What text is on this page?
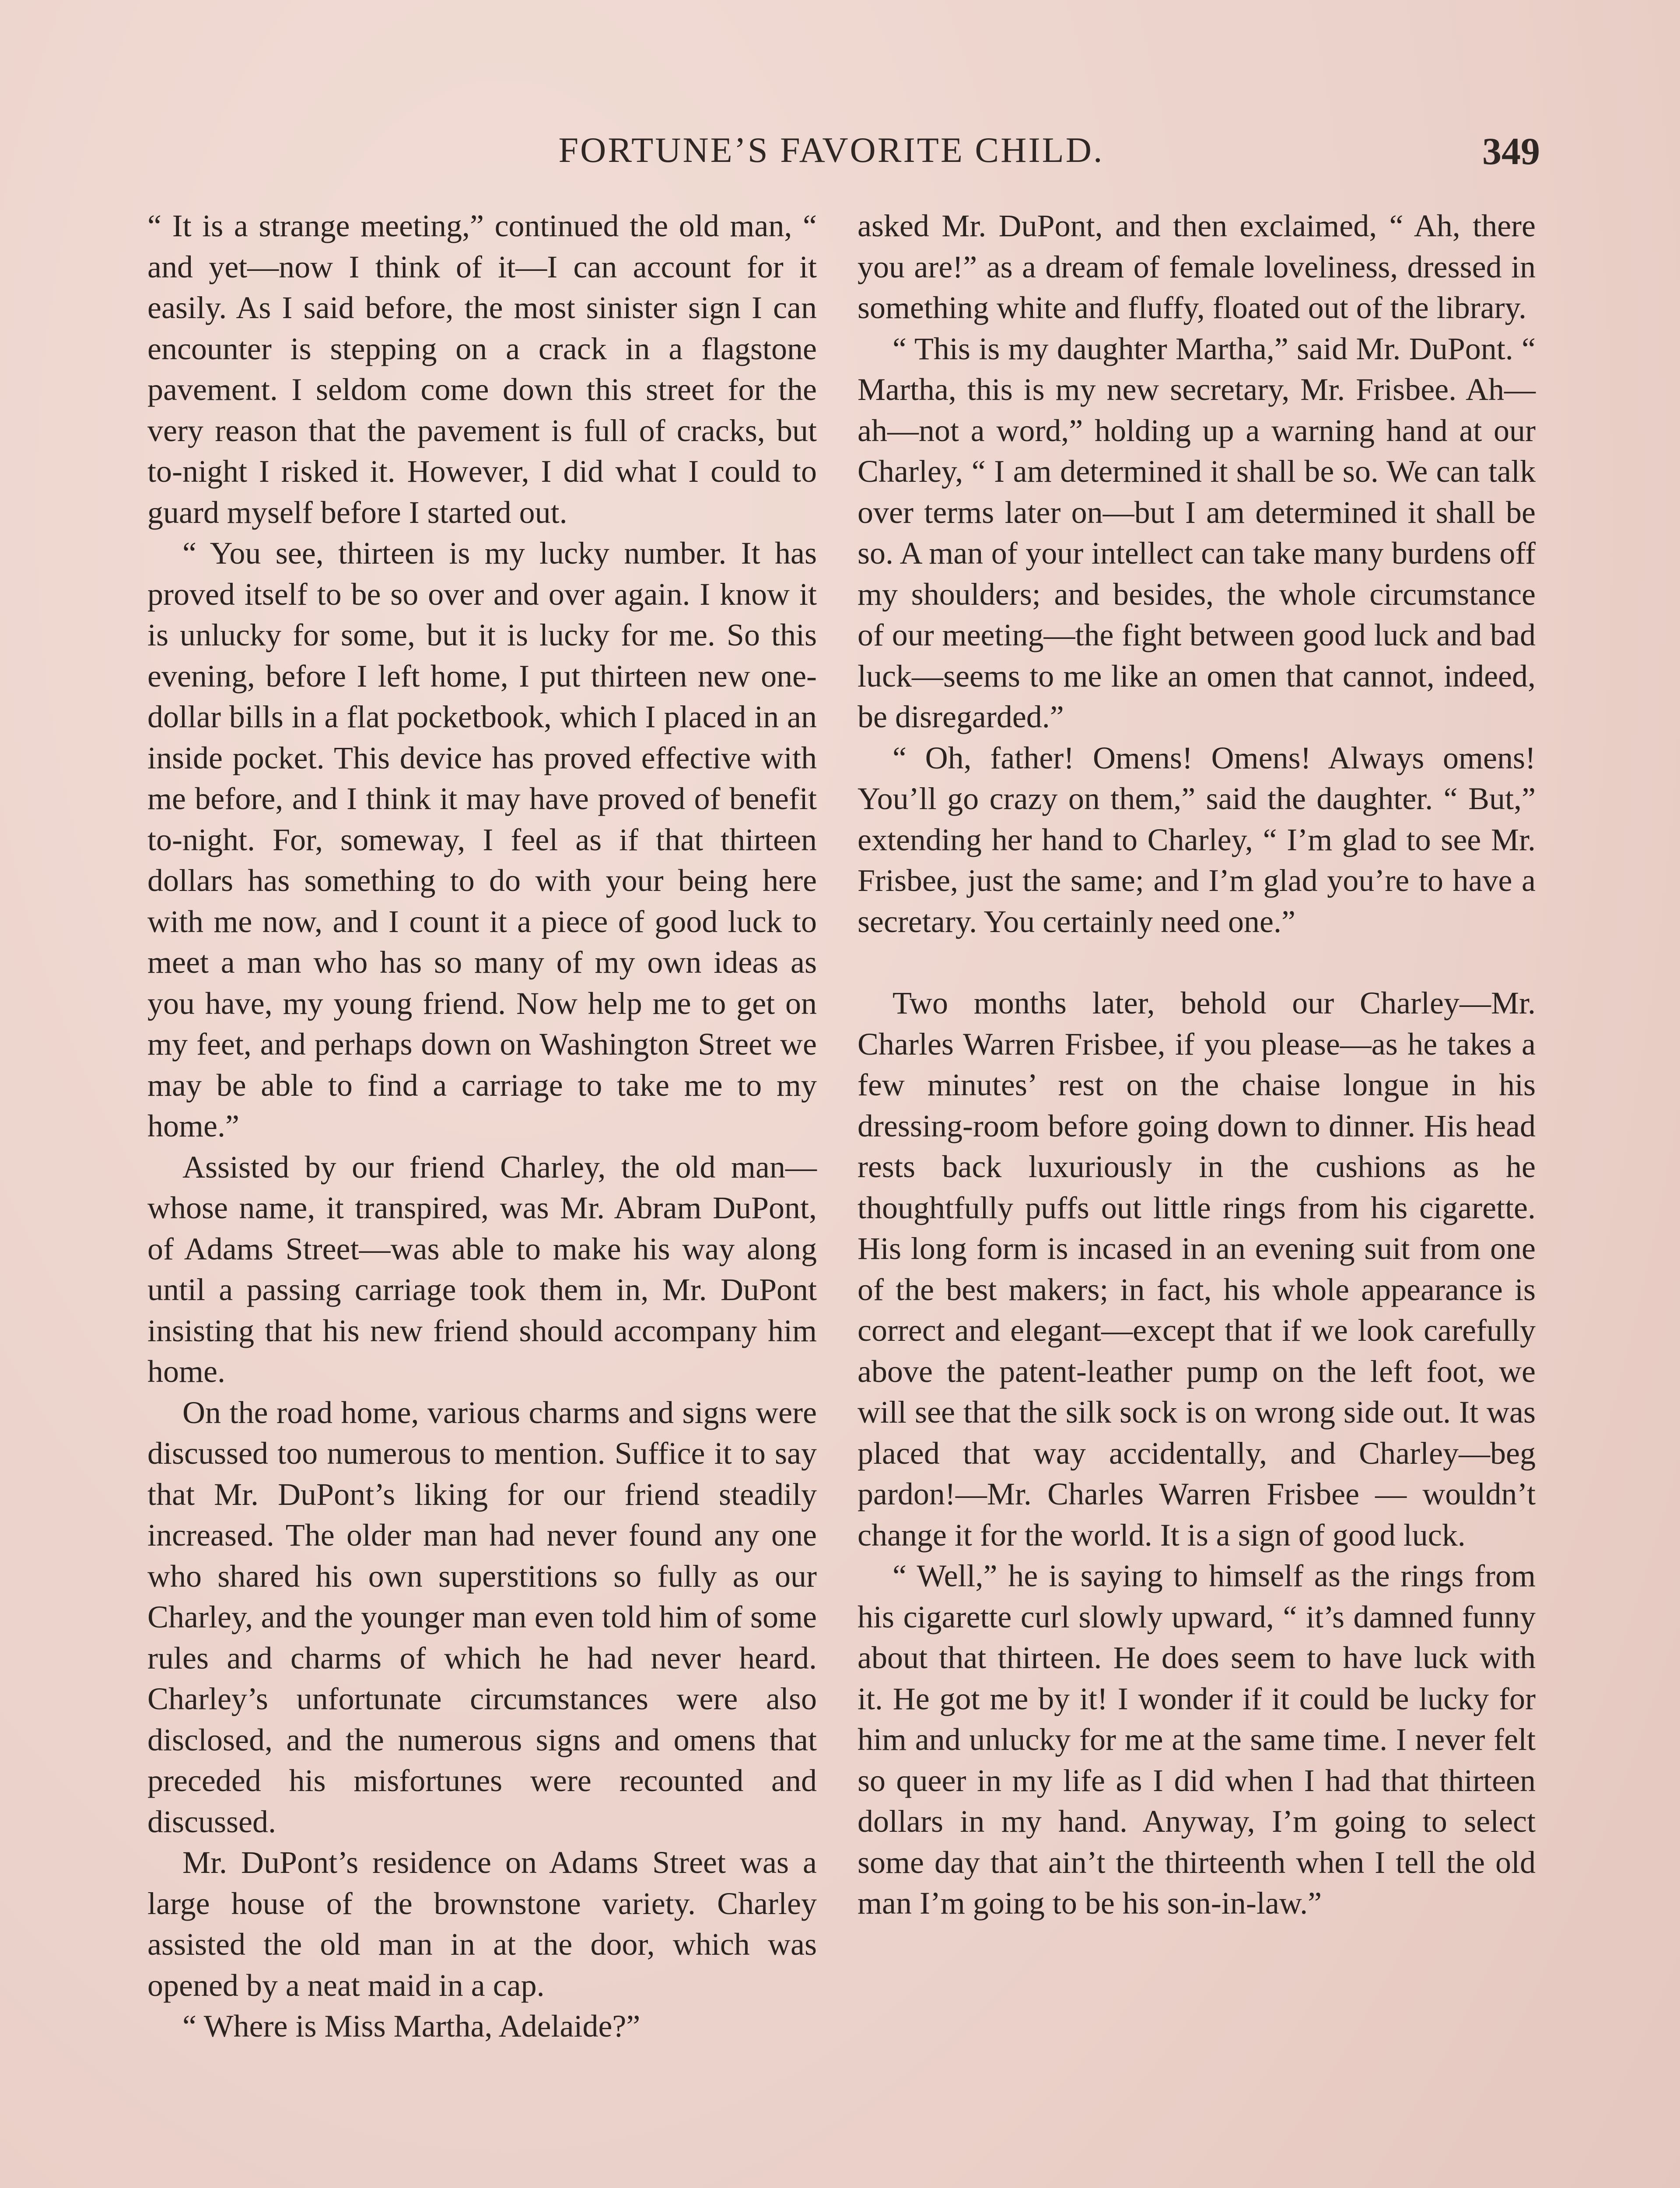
FORTUNE’S FAVORITE CHILD.	349

“ It is a strange meeting,” continued the old man, “ and yet—now I think of it—I can account for it easily. As I said before, the most sinister sign I can encounter is stepping on a crack in a flagstone pavement. I seldom come down this street for the very reason that the pavement is full of cracks, but to-night I risked it. However, I did what I could to guard myself before I started out.

“ You see, thirteen is my lucky number. It has proved itself to be so over and over again. I know it is unlucky for some, but it is lucky for me. So this evening, before I left home, I put thirteen new one-dollar bills in a flat pocketbook, which I placed in an inside pocket. This device has proved effective with me before, and I think it may have proved of benefit to-night. For, someway, I feel as if that thirteen dollars has something to do with your being here with me now, and I count it a piece of good luck to meet a man who has so many of my own ideas as you have, my young friend. Now help me to get on my feet, and perhaps down on Washington Street we may be able to find a carriage to take me to my home.”

Assisted by our friend Charley, the old man—whose name, it transpired, was Mr. Abram DuPont, of Adams Street—was able to make his way along until a passing carriage took them in, Mr. DuPont insisting that his new friend should accompany him home.

On the road home, various charms and signs were discussed too numerous to mention. Suffice it to say that Mr. DuPont’s liking for our friend steadily increased. The older man had never found any one who shared his own superstitions so fully as our Charley, and the younger man even told him of some rules and charms of which he had never heard. Charley’s unfortunate circumstances were also disclosed, and the numerous signs and omens that preceded his misfortunes were recounted and discussed.

Mr. DuPont’s residence on Adams Street was a large house of the brownstone variety. Charley assisted the old man in at the door, which was opened by a neat maid in a cap.

“ Where is Miss Martha, Adelaide?”

asked Mr. DuPont, and then exclaimed, “ Ah, there you are!” as a dream of female loveliness, dressed in something white and fluffy, floated out of the library.

“ This is my daughter Martha,” said Mr. DuPont. “ Martha, this is my new secretary, Mr. Frisbee. Ah—ah—not a word,” holding up a warning hand at our Charley, “ I am determined it shall be so. We can talk over terms later on—but I am determined it shall be so. A man of your intellect can take many burdens off my shoulders; and besides, the whole circumstance of our meeting—the fight between good luck and bad luck—seems to me like an omen that cannot, indeed, be disregarded.”

“ Oh, father! Omens! Omens! Always omens! You’ll go crazy on them,” said the daughter. “ But,” extending her hand to Charley, “ I’m glad to see Mr. Frisbee, just the same; and I’m glad you’re to have a secretary. You certainly need one.”

Two months later, behold our Charley—Mr. Charles Warren Frisbee, if you please—as he takes a few minutes’ rest on the chaise longue in his dressing-room before going down to dinner. His head rests back luxuriously in the cushions as he thoughtfully puffs out little rings from his cigarette. His long form is incased in an evening suit from one of the best makers; in fact, his whole appearance is correct and elegant—except that if we look carefully above the patent-leather pump on the left foot, we will see that the silk sock is on wrong side out. It was placed that way accidentally, and Charley—beg pardon!—Mr. Charles Warren Frisbee — wouldn’t change it for the world. It is a sign of good luck.

“ Well,” he is saying to himself as the rings from his cigarette curl slowly upward, “ it’s damned funny about that thirteen. He does seem to have luck with it. He got me by it! I wonder if it could be lucky for him and unlucky for me at the same time. I never felt so queer in my life as I did when I had that thirteen dollars in my hand. Anyway, I’m going to select some day that ain’t the thirteenth when I tell the old man I’m going to be his son-in-law.”
